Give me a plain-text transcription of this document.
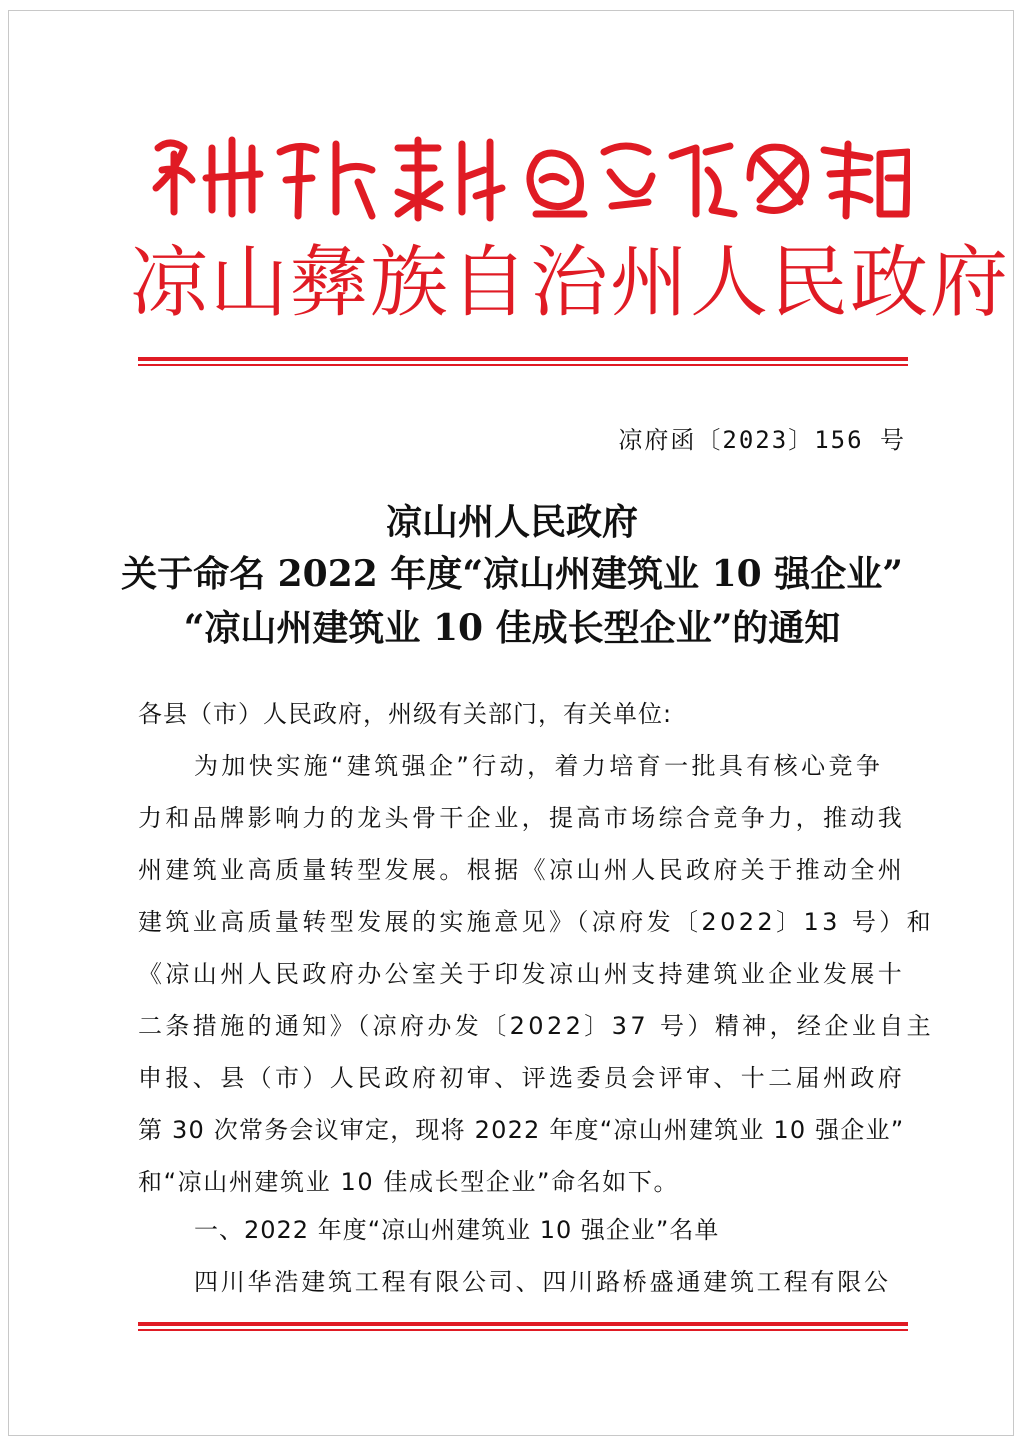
凉山彝族自治州人民政府
凉府函〔2023〕156 号
凉山州人民政府
关于命名 2022 年度“凉山州建筑业 10 强企业”
“凉山州建筑业 10 佳成长型企业”的通知
各县（市）人民政府，州级有关部门，有关单位:
为加快实施“建筑强企”行动，着力培育一批具有核心竞争
力和品牌影响力的龙头骨干企业，提高市场综合竞争力，推动我
州建筑业高质量转型发展。根据《凉山州人民政府关于推动全州
建筑业高质量转型发展的实施意见》（凉府发〔2022〕13 号）和
《凉山州人民政府办公室关于印发凉山州支持建筑业企业发展十
二条措施的通知》（凉府办发〔2022〕37 号）精神，经企业自主
申报、县（市）人民政府初审、评选委员会评审、十二届州政府
第 30 次常务会议审定，现将 2022 年度“凉山州建筑业 10 强企业”
和“凉山州建筑业 10 佳成长型企业”命名如下。
一、2022 年度“凉山州建筑业 10 强企业”名单
四川华浩建筑工程有限公司、四川路桥盛通建筑工程有限公
